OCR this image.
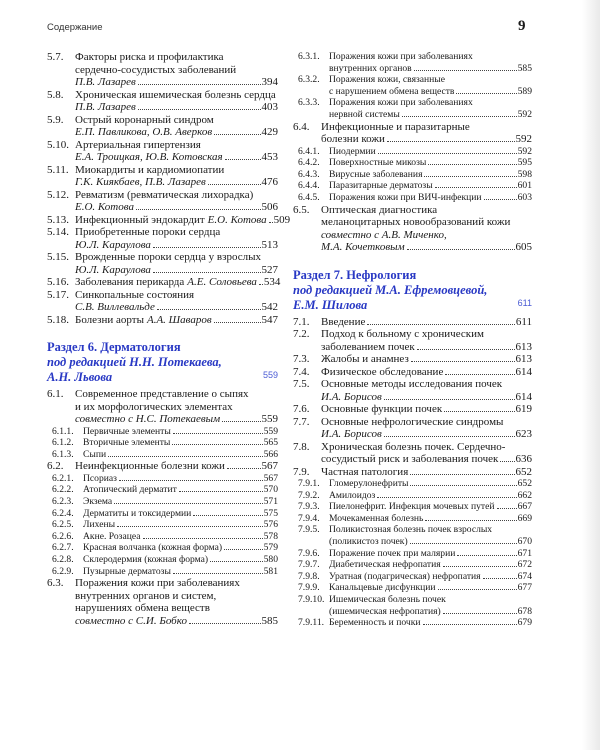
Содержание	9
5.7. Факторы риска и профилактика
сердечно-сосудистых заболеваний
П.В. Лазарев	394
5.8. Хроническая ишемическая болезнь сердца
П.В. Лазарев	403
5.9. Острый коронарный синдром
Е.П. Павликова, О.В. Аверков	429
5.10. Артериальная гипертензия
Е.А. Троицкая, Ю.В. Котовская	453
5.11. Миокардиты и кардиомиопатии
Г.К. Киякбаев, П.В. Лазарев	476
5.12. Ревматизм (ревматическая лихорадка)
Е.О. Котова	506
5.13. Инфекционный эндокардит Е.О. Котова 509
5.14. Приобретенные пороки сердца
Ю.Л. Караулова	513
5.15. Врожденные пороки сердца у взрослых
Ю.Л. Караулова	527
5.16. Заболевания перикарда А.Е. Соловьева 534
5.17. Синкопальные состояния
С.В. Виллевальде	542
5.18. Болезни аорты А.А. Шаваров	547
Раздел 6. Дерматология
под редакцией Н.Н. Потекаева,
А.Н. Львова	559
6.1. Современное представление о сыпях
и их морфологических элементах
совместно с Н.С. Потекаевым	559
6.1.1. Первичные элементы	559
6.1.2. Вторичные элементы	565
6.1.3. Сыпи	566
6.2. Неинфекционные болезни кожи	567
6.2.1. Псориаз	567
6.2.2. Атопический дерматит	570
6.2.3. Экзема	571
6.2.4. Дерматиты и токсидермии	575
6.2.5. Лихены	576
6.2.6. Акне. Розацеа	578
6.2.7. Красная волчанка (кожная форма)	579
6.2.8. Склеродермия (кожная форма)	580
6.2.9. Пузырные дерматозы	581
6.3. Поражения кожи при заболеваниях
внутренних органов и систем,
нарушениях обмена веществ
совместно с С.И. Бобко	585
6.3.1. Поражения кожи при заболеваниях
внутренних органов	585
6.3.2. Поражения кожи, связанные
с нарушением обмена веществ	589
6.3.3. Поражения кожи при заболеваниях
нервной системы	592
6.4. Инфекционные и паразитарные
болезни кожи	592
6.4.1. Пиодермии	592
6.4.2. Поверхностные микозы	595
6.4.3. Вирусные заболевания	598
6.4.4. Паразитарные дерматозы	601
6.4.5. Поражения кожи при ВИЧ-инфекции	603
6.5. Оптическая диагностика
меланоцитарных новообразований кожи
совместно с А.В. Миченко,
М.А. Кочетковым	605
Раздел 7. Нефрология
под редакцией М.А. Ефремовцевой,
Е.М. Шилова	611
7.1. Введение	611
7.2. Подход к больному с хроническим
заболеванием почек	613
7.3. Жалобы и анамнез	613
7.4. Физическое обследование	614
7.5. Основные методы исследования почек
И.А. Борисов	614
7.6. Основные функции почек	619
7.7. Основные нефрологические синдромы
И.А. Борисов	623
7.8. Хроническая болезнь почек. Сердечно-
сосудистый риск и заболевания почек 636
7.9. Частная патология	652
7.9.1. Гломерулонефриты	652
7.9.2. Амилоидоз	662
7.9.3. Пиелонефрит. Инфекция мочевых путей 667
7.9.4. Мочекаменная болезнь	669
7.9.5. Поликистозная болезнь почек взрослых
(поликистоз почек)	670
7.9.6. Поражение почек при малярии	671
7.9.7. Диабетическая нефропатия	672
7.9.8. Уратная (подагрическая) нефропатия	674
7.9.9. Канальцевые дисфункции	677
7.9.10. Ишемическая болезнь почек
(ишемическая нефропатия)	678
7.9.11. Беременность и почки	679
